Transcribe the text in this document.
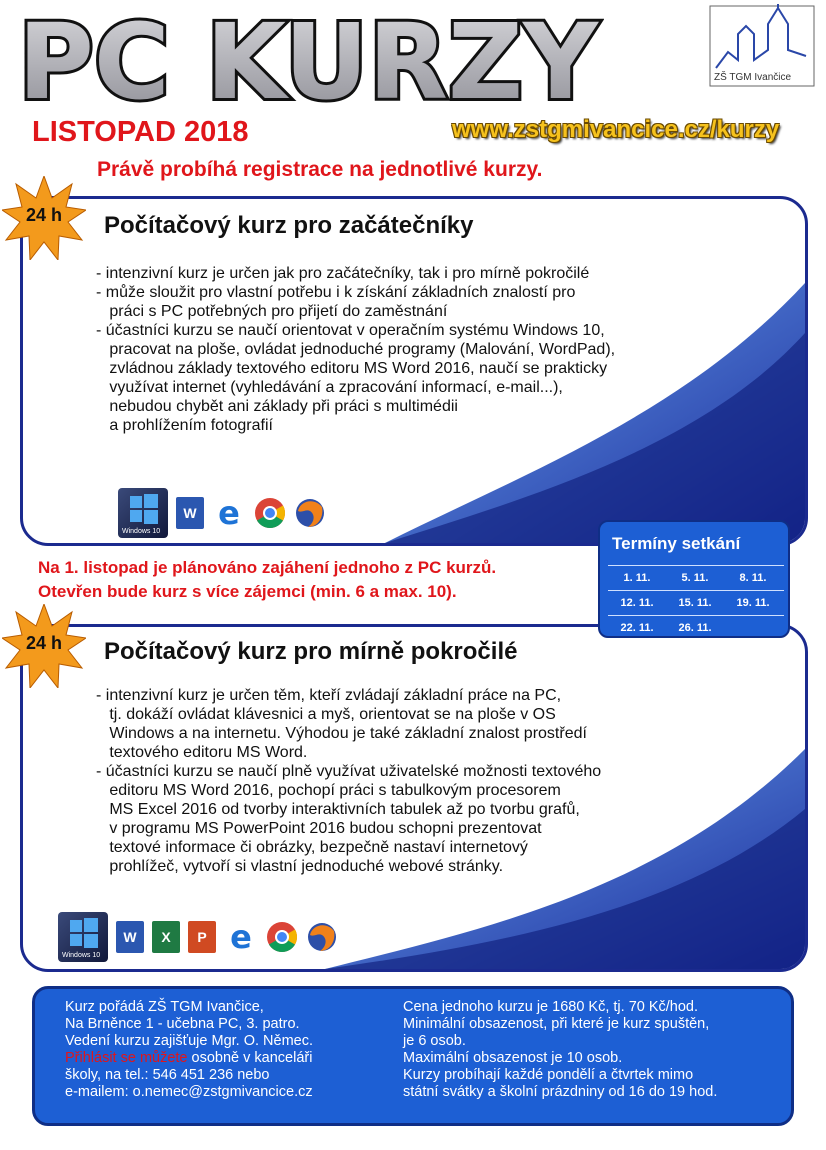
PC KURZY	ZŠ TGM Ivančice
LISTOPAD 2018	www.zstgmivancice.cz/kurzy
Právě probíhá registrace na jednotlivé kurzy.
24 h	Počítačový kurz pro začátečníky
- intenzivní kurz je určen jak pro začátečníky, tak i pro mírně pokročilé
- může sloužit pro vlastní potřebu i k získání základních znalostí pro
práci s PC potřebných pro přijetí do zaměstnání
- účastníci kurzu se naučí orientovat v operačním systému Windows 10,
pracovat na ploše, ovládat jednoduché programy (Malování, WordPad),
zvládnou základy textového editoru MS Word 2016, naučí se prakticky
využívat internet (vyhledávání a zpracování informací, e-mail...),
nebudou chybět ani základy při práci s multimédii
a prohlížením fotografií
Windows 10
W e
Na 1. listopad je plánováno zajáhení jednoho z PC kurzů.
Otevřen bude kurz s více zájemci (min. 6 a max. 10).
24 h	Počítačový kurz pro mírně pokročilé
- intenzivní kurz je určen těm, kteří zvládají základní práce na PC,
tj. dokáží ovládat klávesnici a myš, orientovat se na ploše v OS
Windows a na internetu. Výhodou je také základní znalost prostředí
textového editoru MS Word.
- účastníci kurzu se naučí plně využívat uživatelské možnosti textového
editoru MS Word 2016, pochopí práci s tabulkovým procesorem
MS Excel 2016 od tvorby interaktivních tabulek až po tvorbu grafů,
v programu MS PowerPoint 2016 budou schopni prezentovat
textové informace či obrázky, bezpečně nastaví internetový
prohlížeč, vytvoří si vlastní jednoduché webové stránky.
Windows 10
W	X	P e
Termíny setkání
1. 11.	5. 11.	8. 11.
12. 11.	15. 11.	19. 11.
22. 11.	26. 11.
Kurz pořádá ZŠ TGM Ivančice,
Na Brněnce 1 - učebna PC, 3. patro.
Vedení kurzu zajišťuje Mgr. O. Němec.
Přihlásit se můžete osobně v kanceláři
školy, na tel.: 546 451 236 nebo
e-mailem: o.nemec@zstgmivancice.cz
Cena jednoho kurzu je 1680 Kč, tj. 70 Kč/hod.
Minimální obsazenost, při které je kurz spuštěn,
je 6 osob.
Maximální obsazenost je 10 osob.
Kurzy probíhají každé pondělí a čtvrtek mimo
státní svátky a školní prázdniny od 16 do 19 hod.
